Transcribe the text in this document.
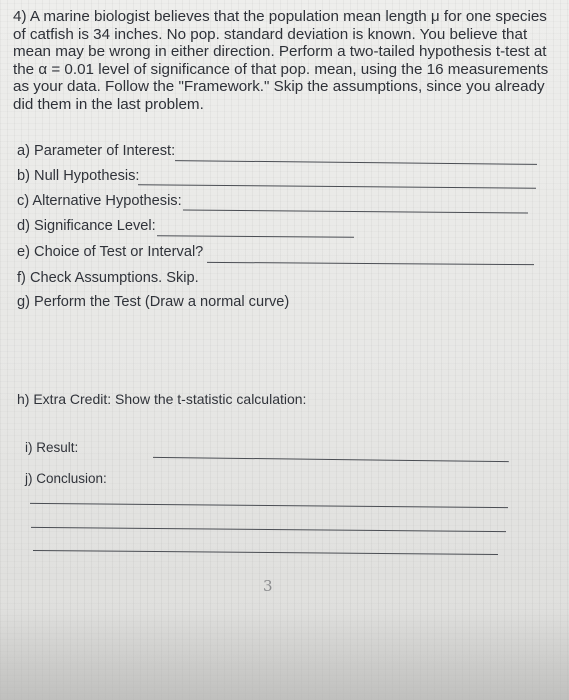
4) A marine biologist believes that the population mean length μ for one species of catfish is 34 inches. No pop. standard deviation is known. You believe that mean may be wrong in either direction. Perform a two-tailed hypothesis t-test at the α = 0.01 level of significance of that pop. mean, using the 16 measurements as your data. Follow the "Framework." Skip the assumptions, since you already did them in the last problem.

a) Parameter of Interest:
b) Null Hypothesis:
c) Alternative Hypothesis:
d) Significance Level:
e) Choice of Test or Interval?
f) Check Assumptions. Skip.
g) Perform the Test (Draw a normal curve)
h) Extra Credit: Show the t-statistic calculation:
i) Result:
j) Conclusion:
3
